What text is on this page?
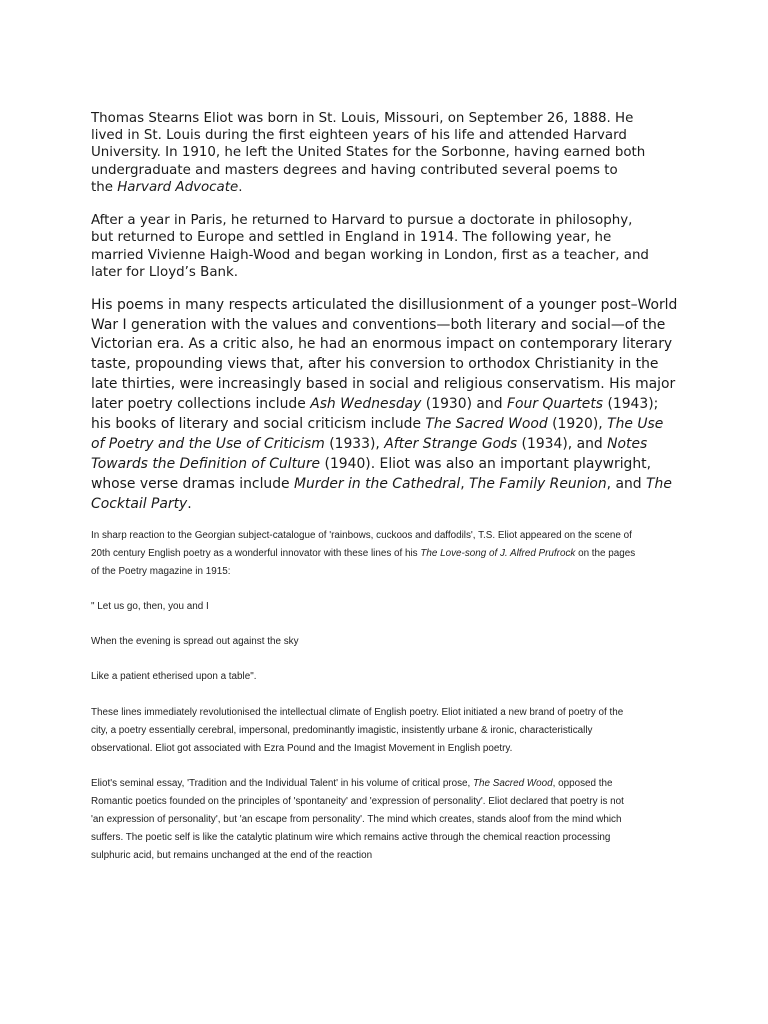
Thomas Stearns Eliot was born in St. Louis, Missouri, on September 26, 1888. He
lived in St. Louis during the first eighteen years of his life and attended Harvard
University. In 1910, he left the United States for the Sorbonne, having earned both
undergraduate and masters degrees and having contributed several poems to
the Harvard Advocate.

After a year in Paris, he returned to Harvard to pursue a doctorate in philosophy,
but returned to Europe and settled in England in 1914. The following year, he
married Vivienne Haigh-Wood and began working in London, first as a teacher, and
later for Lloyd’s Bank.

His poems in many respects articulated the disillusionment of a younger post–World
War I generation with the values and conventions—both literary and social—of the
Victorian era. As a critic also, he had an enormous impact on contemporary literary
taste, propounding views that, after his conversion to orthodox Christianity in the
late thirties, were increasingly based in social and religious conservatism. His major
later poetry collections include Ash Wednesday (1930) and Four Quartets (1943);
his books of literary and social criticism include The Sacred Wood (1920), The Use
of Poetry and the Use of Criticism (1933), After Strange Gods (1934), and Notes
Towards the Definition of Culture (1940). Eliot was also an important playwright,
whose verse dramas include Murder in the Cathedral, The Family Reunion, and The
Cocktail Party.

In sharp reaction to the Georgian subject-catalogue of 'rainbows, cuckoos and daffodils', T.S. Eliot appeared on the scene of
20th century English poetry as a wonderful innovator with these lines of his The Love-song of J. Alfred Prufrock on the pages
of the Poetry magazine in 1915:

" Let us go, then, you and I

When the evening is spread out against the sky

Like a patient etherised upon a table".

These lines immediately revolutionised the intellectual climate of English poetry. Eliot initiated a new brand of poetry of the
city, a poetry essentially cerebral, impersonal, predominantly imagistic, insistently urbane & ironic, characteristically
observational. Eliot got associated with Ezra Pound and the Imagist Movement in English poetry.

Eliot's seminal essay, 'Tradition and the Individual Talent' in his volume of critical prose, The Sacred Wood, opposed the
Romantic poetics founded on the principles of 'spontaneity' and 'expression of personality'. Eliot declared that poetry is not
'an expression of personality', but 'an escape from personality'. The mind which creates, stands aloof from the mind which
suffers. The poetic self is like the catalytic platinum wire which remains active through the chemical reaction processing
sulphuric acid, but remains unchanged at the end of the reaction
